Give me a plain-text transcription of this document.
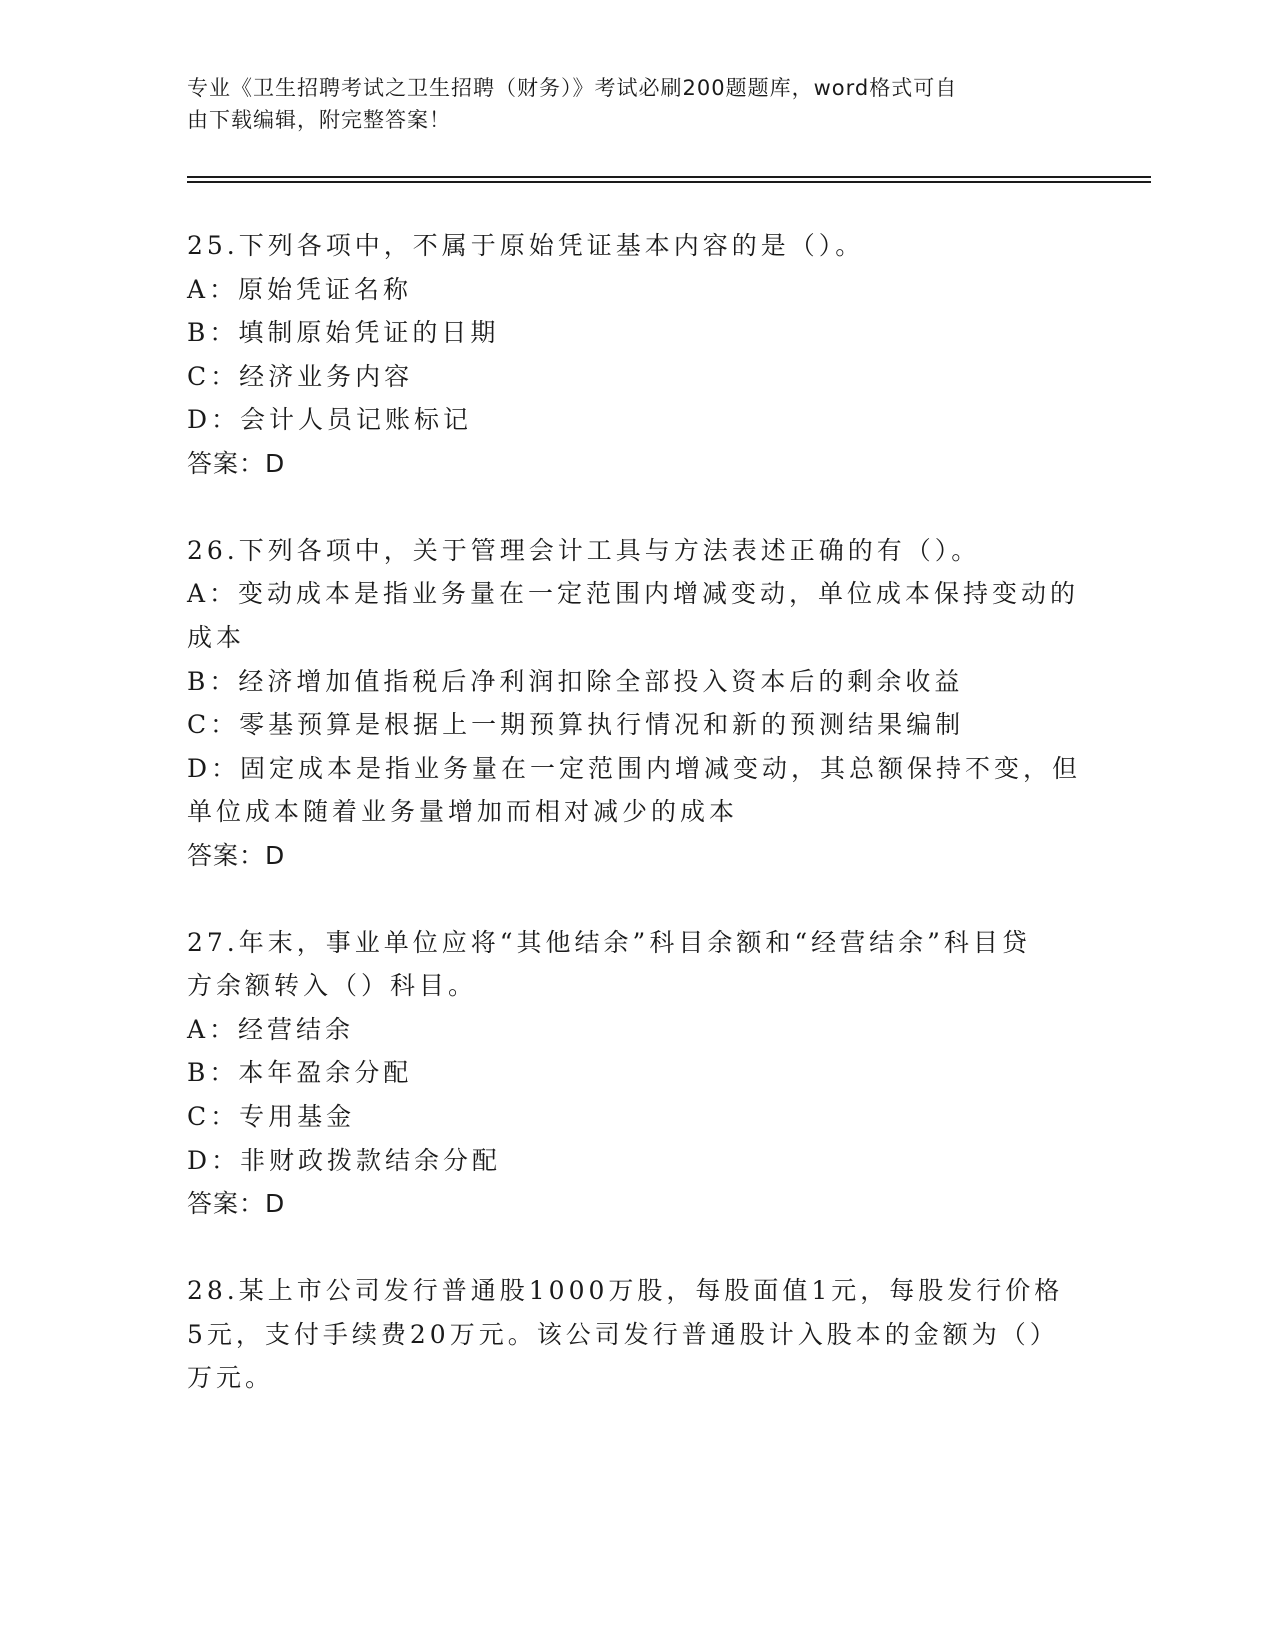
专业《卫生招聘考试之卫生招聘（财务）》考试必刷200题题库，word格式可自
由下载编辑，附完整答案！
25.下列各项中，不属于原始凭证基本内容的是（）。
A：原始凭证名称
B：填制原始凭证的日期
C：经济业务内容
D：会计人员记账标记
答案：D
26.下列各项中，关于管理会计工具与方法表述正确的有（）。
A：变动成本是指业务量在一定范围内增减变动，单位成本保持变动的
成本
B：经济增加值指税后净利润扣除全部投入资本后的剩余收益
C：零基预算是根据上一期预算执行情况和新的预测结果编制
D：固定成本是指业务量在一定范围内增减变动，其总额保持不变，但
单位成本随着业务量增加而相对减少的成本
答案：D
27.年末，事业单位应将“其他结余”科目余额和“经营结余”科目贷
方余额转入（）科目。
A：经营结余
B：本年盈余分配
C：专用基金
D：非财政拨款结余分配
答案：D
28.某上市公司发行普通股1000万股，每股面值1元，每股发行价格
5元，支付手续费20万元。该公司发行普通股计入股本的金额为（）
万元。
